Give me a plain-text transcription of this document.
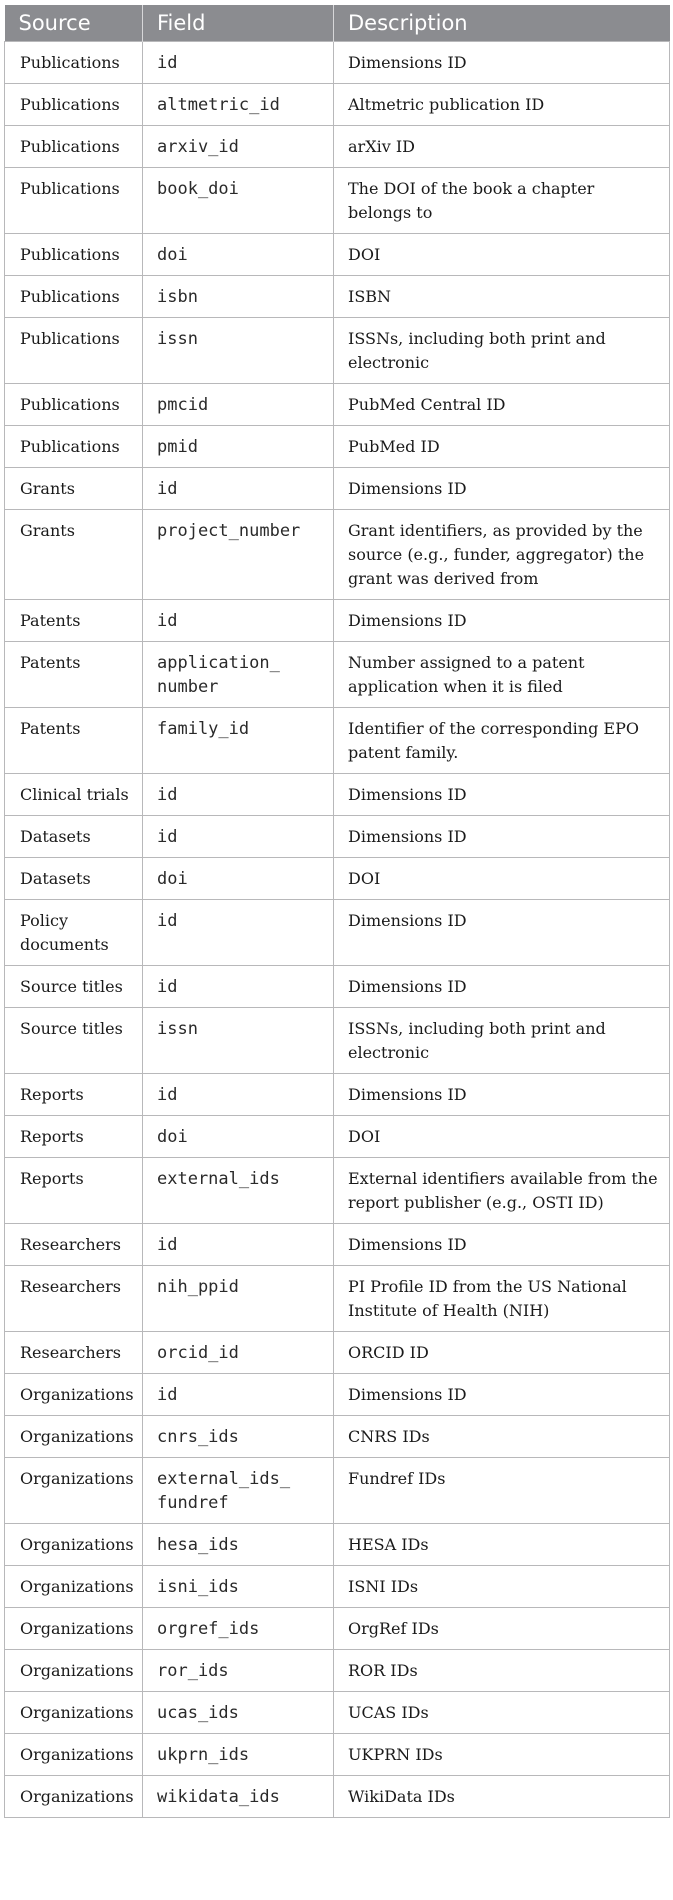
Source	Field	Description
Publications	id	Dimensions ID
Publications	altmetric_id	Altmetric publication ID
Publications	arxiv_id	arXiv ID
Publications	book_doi	The DOI of the book a chapter belongs to
Publications	doi	DOI
Publications	isbn	ISBN
Publications	issn	ISSNs, including both print and electronic
Publications	pmcid	PubMed Central ID
Publications	pmid	PubMed ID
Grants	id	Dimensions ID
Grants	project_number	Grant identifiers, as provided by the source (e.g., funder, aggregator) the grant was derived from
Patents	id	Dimensions ID
Patents	application_ number	Number assigned to a patent application when it is filed
Patents	family_id	Identifier of the corresponding EPO patent family.
Clinical trials	id	Dimensions ID
Datasets	id	Dimensions ID
Datasets	doi	DOI
Policy documents	id	Dimensions ID
Source titles	id	Dimensions ID
Source titles	issn	ISSNs, including both print and electronic
Reports	id	Dimensions ID
Reports	doi	DOI
Reports	external_ids	External identifiers available from the report publisher (e.g., OSTI ID)
Researchers	id	Dimensions ID
Researchers	nih_ppid	PI Profile ID from the US National Institute of Health (NIH)
Researchers	orcid_id	ORCID ID
Organizations	id	Dimensions ID
Organizations	cnrs_ids	CNRS IDs
Organizations	external_ids_ fundref	Fundref IDs
Organizations	hesa_ids	HESA IDs
Organizations	isni_ids	ISNI IDs
Organizations	orgref_ids	OrgRef IDs
Organizations	ror_ids	ROR IDs
Organizations	ucas_ids	UCAS IDs
Organizations	ukprn_ids	UKPRN IDs
Organizations	wikidata_ids	WikiData IDs
